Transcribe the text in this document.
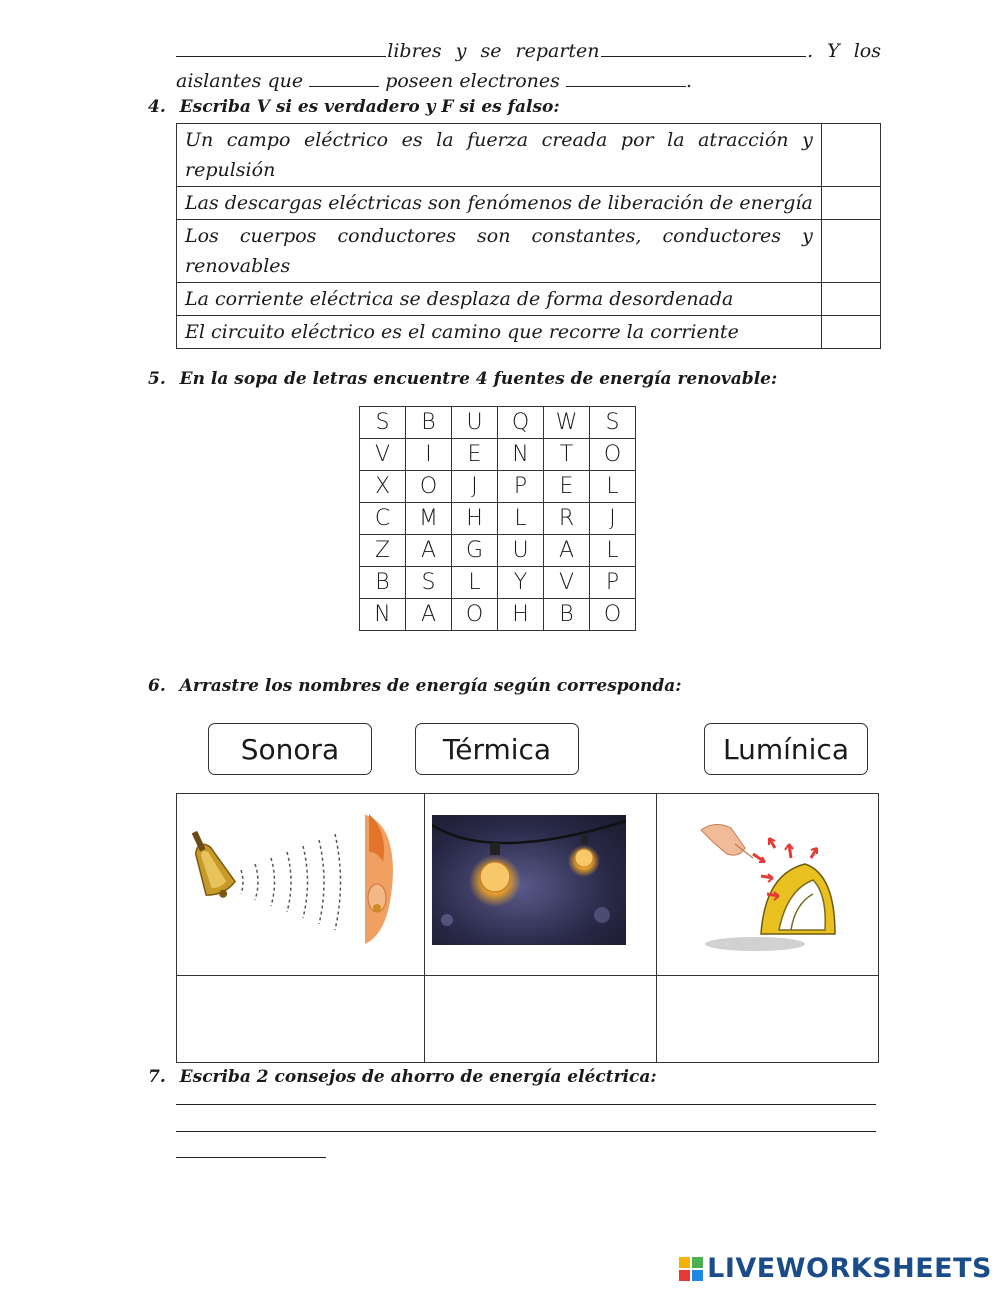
libres y se reparten	. Y los
aislantes que	poseen electrones	.
4. Escriba V si es verdadero y F si es falso:
Un campo eléctrico es la fuerza creada por la atracción y repulsión	
Las descargas eléctricas son fenómenos de liberación de energía	
Los cuerpos conductores son constantes, conductores y renovables	
La corriente eléctrica se desplaza de forma desordenada	
El circuito eléctrico es el camino que recorre la corriente	
5. En la sopa de letras encuentre 4 fuentes de energía renovable:
S	B	U	Q	W	S
V	I	E	N	T	O
X	O	J	P	E	L
C	M	H	L	R	J
Z	A	G	U	A	L
B	S	L	Y	V	P
N	A	O	H	B	O
6. Arrastre los nombres de energía según corresponda:
Sonora	Térmica	Lumínica
7. Escriba 2 consejos de ahorro de energía eléctrica:
LIVEWORKSHEETS
